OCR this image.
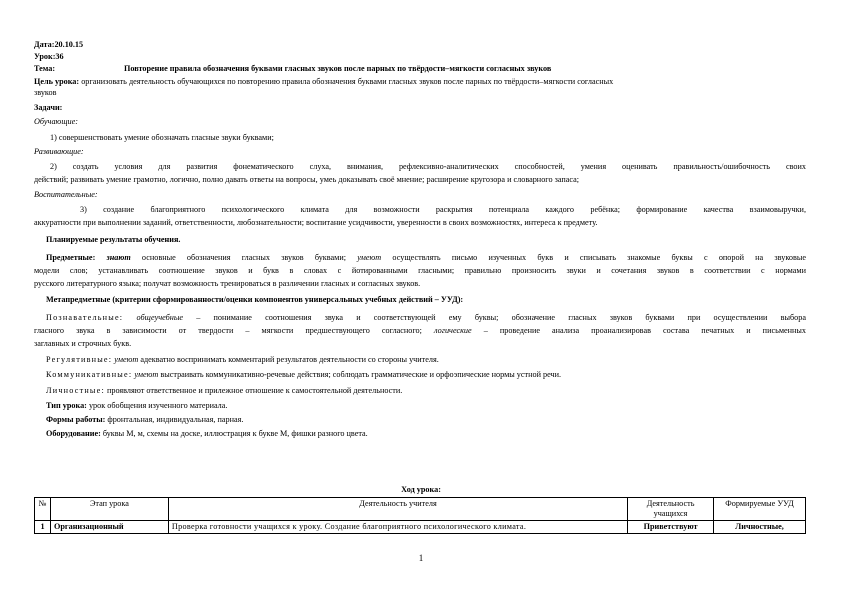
Дата:20.10.15
Урок:36
Тема:	Повторение правила обозначения буквами гласных звуков после парных по твёрдости–мягкости согласных звуков
Цель урока: организовать деятельность обучающихся по повторению правила обозначения буквами гласных звуков после парных по твёрдости–мягкости согласных
звуков
Задачи:
Обучающие:
1) совершенствовать умение обозначать гласные звуки буквами;
Развивающие:
2) создать условия для развития фонематического слуха, внимания, рефлексивно-аналитических способностей, умения оценивать правильность/ошибочность своих
действий; развивать умение грамотно, логично, полно давать ответы на вопросы, умеь доказывать своё мнение; расширение кругозора и словарного запаса;
Воспитательные:
3) создание благоприятного психологического климата для возможности раскрытия потенциала каждого ребёнка; формирование качества взаимовыручки,
аккуратности при выполнении заданий, ответственности, любознательности; воспитание усидчивости, уверенности в своих возможностях, интереса к предмету.
Планируемые результаты обучения.
Предметные: знают основные обозначения гласных звуков буквами; умеют осуществлять письмо изученных букв и списывать знакомые буквы с опорой на звуковые
модели слов; устанавливать соотношение звуков и букв в словах с йотированными гласными; правильно произносить звуки и сочетания звуков в соответствии с нормами
русского литературного языка; получат возможность тренироваться в различении гласных и согласных звуков.
Метапредметные (критерии сформированности/оценки компонентов универсальных учебных действий – УУД):
Познавательные: общеучебные – понимание соотношения звука и соответствующей ему буквы; обозначение гласных звуков буквами при осуществлении выбора
гласного звука в зависимости от твердости – мягкости предшествующего согласного; логические – проведение анализа проанализировав состава печатных и письменных
заглавных и строчных букв.
Регулятивные: умеют адекватно воспринимать комментарий результатов деятельности со стороны учителя.
Коммуникативные: умеют выстраивать коммуникативно-речевые действия; соблюдать грамматические и орфоэпические нормы устной речи.
Личностные: проявляют ответственное и прилежное отношение к самостоятельной деятельности.
Тип урока: урок обобщения изученного материала.
Формы работы: фронтальная, индивидуальная, парная.
Оборудование: буквы М, м, схемы на доске, иллюстрация к букве М, фишки разного цвета.
Ход урока:
№	Этап урока	Деятельность учителя	Деятельность учащихся	Формируемые УУД
1	Организационный	Проверка готовности учащихся к уроку. Создание благоприятного психологического климата.	Приветствуют	Личностные,
1
